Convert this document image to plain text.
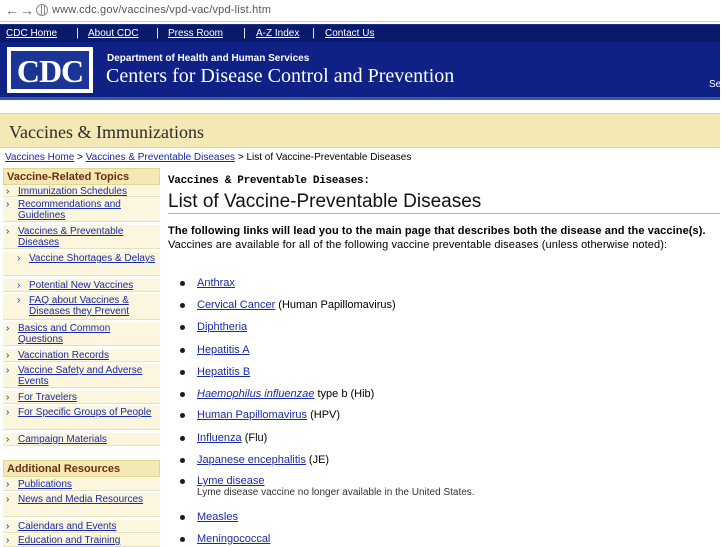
← → www.cdc.gov/vaccines/vpd-vac/vpd-list.htm
CDC Home | About CDC | Press Room | A-Z Index | Contact Us
CDC	Department of Health and Human Services
Centers for Disease Control and Prevention	Se
Vaccines & Immunizations
Vaccines Home > Vaccines & Preventable Diseases > List of Vaccine-Preventable Diseases
Vaccine-Related Topics
› Immunization Schedules
› Recommendations and Guidelines
› Vaccines & Preventable Diseases
› Vaccine Shortages & Delays
› Potential New Vaccines
› FAQ about Vaccines & Diseases they Prevent
› Basics and Common Questions
› Vaccination Records
› Vaccine Safety and Adverse Events
› For Travelers
› For Specific Groups of People
› Campaign Materials
Additional Resources
› Publications
› News and Media Resources
› Calendars and Events
› Education and Training
Vaccines & Preventable Diseases:
List of Vaccine-Preventable Diseases
The following links will lead you to the main page that describes both the disease and the vaccine(s). Vaccines are available for all of the following vaccine preventable diseases (unless otherwise noted):
Anthrax
Cervical Cancer (Human Papillomavirus)
Diphtheria
Hepatitis A
Hepatitis B
Haemophilus influenzae type b (Hib)
Human Papillomavirus (HPV)
Influenza (Flu)
Japanese encephalitis (JE)
Lyme disease
Lyme disease vaccine no longer available in the United States.
Measles
Meningococcal
